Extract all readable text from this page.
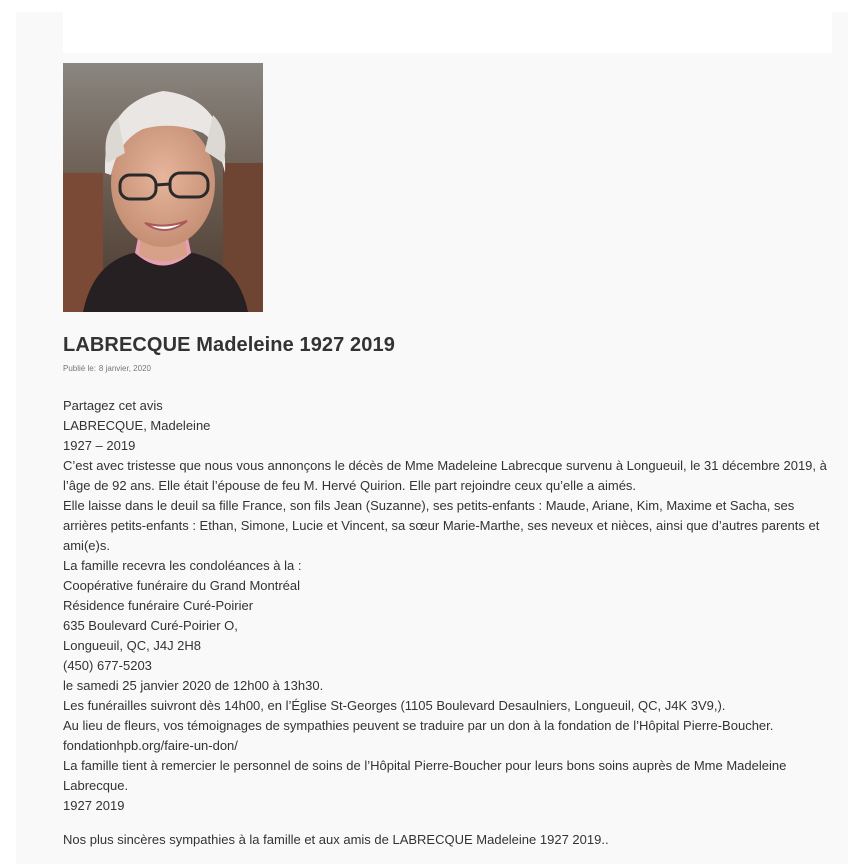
LABRECQUE Madeleine 1927 2019
Publié le: 8 janvier, 2020

Partagez cet avis

LABRECQUE, Madeleine

1927 – 2019

C’est avec tristesse que nous vous annonçons le décès de Mme Madeleine Labrecque survenu à Longueuil, le 31 décembre 2019, à l’âge de 92 ans. Elle était l’épouse de feu M. Hervé Quirion. Elle part rejoindre ceux qu’elle a aimés.

Elle laisse dans le deuil sa fille France, son fils Jean (Suzanne), ses petits-enfants : Maude, Ariane, Kim, Maxime et Sacha, ses arrières petits-enfants : Ethan, Simone, Lucie et Vincent, sa sœur Marie-Marthe, ses neveux et nièces, ainsi que d’autres parents et ami(e)s.

La famille recevra les condoléances à la :

Coopérative funéraire du Grand Montréal

Résidence funéraire Curé-Poirier

635 Boulevard Curé-Poirier O,

Longueuil, QC, J4J 2H8

(450) 677-5203

le samedi 25 janvier 2020 de 12h00 à 13h30.

Les funérailles suivront dès 14h00, en l’Église St-Georges (1105 Boulevard Desaulniers, Longueuil, QC, J4K 3V9,).

Au lieu de fleurs, vos témoignages de sympathies peuvent se traduire par un don à la fondation de l’Hôpital Pierre-Boucher.

fondationhpb.org/faire-un-don/

La famille tient à remercier le personnel de soins de l’Hôpital Pierre-Boucher pour leurs bons soins auprès de Mme Madeleine Labrecque.

1927 2019

Nos plus sincères sympathies à la famille et aux amis de LABRECQUE Madeleine 1927 2019..
